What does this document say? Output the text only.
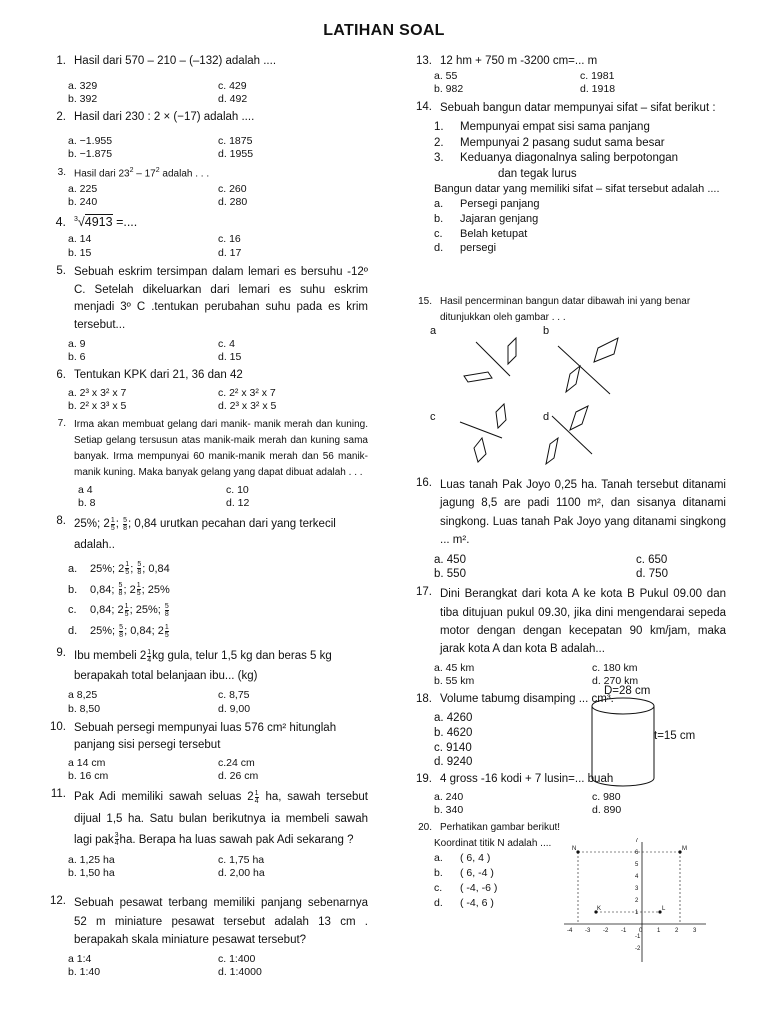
LATIHAN SOAL
1. Hasil dari 570 – 210 – (–132) adalah ....
a. 329	c. 429
b. 392	d. 492
2. Hasil dari 230 : 2 × (−17) adalah ....
a. −1.955	c. 1875
b. −1.875	d. 1955
3. Hasil dari $23^2 - 17^2$ adalah . . .
a. 225	c. 260
b. 240	d. 280
4.	$^3$√4913 =....
a. 14	c. 16
b. 15	d. 17
5. Sebuah eskrim tersimpan dalam lemari es bersuhu -12º C. Setelah dikeluarkan dari lemari es suhu eskrim menjadi 3º C .tentukan perubahan suhu pada es krim tersebut...
a. 9	c. 4
b. 6	d. 15
6. Tentukan KPK dari 21, 36 dan 42
a. 2³ x 3² x 7	c. 2² x 3² x 7
b. 2² x 3³ x 5	d. 2³ x 3² x 5
7. Irma akan membuat gelang dari manik- manik merah dan kuning. Setiap gelang tersusun atas manik-maik merah dan kuning sama banyak. Irma mempunyai 60 manik-manik merah dan 56 manik-manik kuning. Maka banyak gelang yang dapat dibuat adalah . . .
a 4	c. 10
b. 8	d. 12
8. 25%; $2 \frac{1}{5}$ ; $\frac{5}{8}$ ; 0,84 urutkan pecahan dari yang terkecil adalah..
a. 25%; $2 \frac{1}{5}$ ; $\frac{5}{8}$ ; 0,84
b. 0,84; $\frac{5}{8}$ ; $2 \frac{1}{5}$ ; 25%
c. 0,84; $2 \frac{1}{5}$ ; 25%; $\frac{5}{8}$
d. 25%; $\frac{5}{8}$ ; 0,84; $2 \frac{1}{5}$
9. Ibu membeli $2 \frac{1}{4}$ kg gula, telur 1,5 kg dan beras 5 kg berapakah total belanjaan ibu... (kg)
a 8,25	c. 8,75
b. 8,50	d. 9,00
10. Sebuah persegi mempunyai luas 576 cm² hitunglah panjang sisi persegi tersebut
a 14 cm	c.24 cm
b. 16 cm	d. 26 cm
11. Pak Adi memiliki sawah seluas $2 \frac{1}{4}$ ha, sawah tersebut dijual 1,5 ha. Satu bulan berikutnya ia membeli sawah lagi pak $\frac{3}{4}$ ha. Berapa ha luas sawah pak Adi sekarang ?
a. 1,25 ha	c. 1,75 ha
b. 1,50 ha	d. 2,00 ha
12. Sebuah pesawat terbang memiliki panjang sebenarnya 52 m miniature pesawat tersebut adalah 13 cm . berapakah skala miniature pesawat tersebut?
a 1:4	c. 1:400
b. 1:40	d. 1:4000
13. 12 hm + 750 m -3200 cm=... m
a. 55	c. 1981
b. 982	d. 1918
14. Sebuah bangun datar mempunyai sifat – sifat berikut :
1.	Mempunyai empat sisi sama panjang
2.	Mempunyai 2 pasang sudut sama besar
3.	Keduanya diagonalnya saling berpotongan
dan tegak lurus
Bangun datar yang memiliki sifat – sifat tersebut adalah ....
a.	Persegi panjang
b.	Jajaran genjang
c.	Belah ketupat
d.	persegi
15. Hasil pencerminan bangun datar dibawah ini yang benar ditunjukkan oleh gambar . . .
a	b
c	d
16. Luas tanah Pak Joyo 0,25 ha. Tanah tersebut ditanami jagung 8,5 are padi 1100 m², dan sisanya ditanami singkong. Luas tanah Pak Joyo yang ditanami singkong ... m².
a. 450	c. 650
b. 550	d. 750
17. Dini Berangkat dari kota A ke kota B Pukul 09.00 dan tiba ditujuan pukul 09.30, jika dini mengendarai sepeda motor dengan dengan kecepatan 90 km/jam, maka jarak kota A dan kota B adalah...
a. 45 km	c. 180 km
b. 55 km	d. 270 km
18. Volume tabumg disamping ... cm³.
a. 4260
b. 4620
c. 9140
d. 9240
D=28 cm
t=15 cm
19. 4 gross -16 kodi + 7 lusin=... buah
a. 240	c. 980
b. 340	d. 890
20. Perhatikan gambar berikut!
Koordinat titik N adalah ....
a.	( 6, 4 )
b.	( 6, -4 )
c.	( -4, -6 )
d.	( -4, 6 )
N	M
K	L
-4 -3 -2 -1 0 1 2 3
7
6
5
4
3
2
1
-1
-2
